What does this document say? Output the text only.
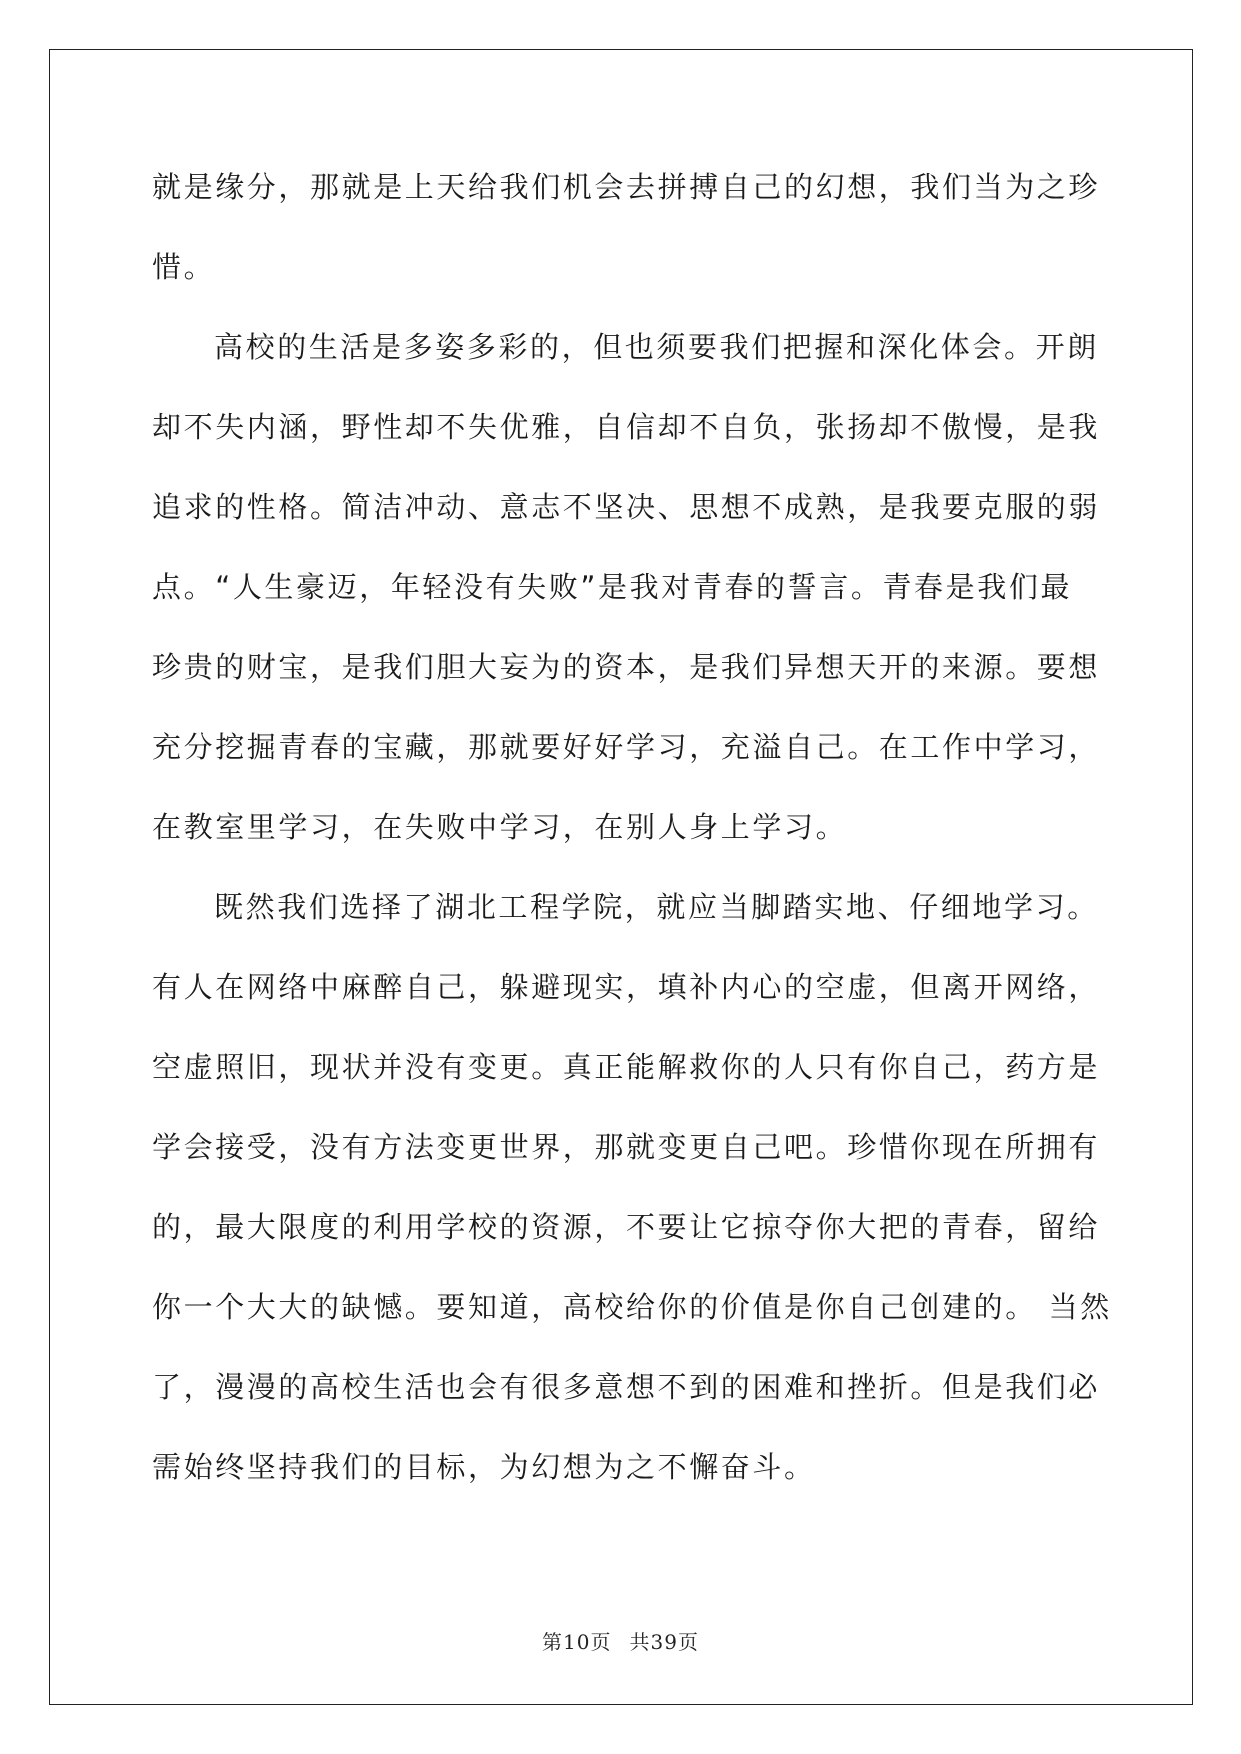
就是缘分，那就是上天给我们机会去拼搏自己的幻想，我们当为之珍
惜。
高校的生活是多姿多彩的，但也须要我们把握和深化体会。开朗
却不失内涵，野性却不失优雅，自信却不自负，张扬却不傲慢，是我
追求的性格。简洁冲动、意志不坚决、思想不成熟，是我要克服的弱
点。“人生豪迈，年轻没有失败”是我对青春的誓言。青春是我们最
珍贵的财宝，是我们胆大妄为的资本，是我们异想天开的来源。要想
充分挖掘青春的宝藏，那就要好好学习，充溢自己。在工作中学习，
在教室里学习，在失败中学习，在别人身上学习。
既然我们选择了湖北工程学院，就应当脚踏实地、仔细地学习。
有人在网络中麻醉自己，躲避现实，填补内心的空虚，但离开网络，
空虚照旧，现状并没有变更。真正能解救你的人只有你自己，药方是
学会接受，没有方法变更世界，那就变更自己吧。珍惜你现在所拥有
的，最大限度的利用学校的资源，不要让它掠夺你大把的青春，留给
你一个大大的缺憾。要知道，高校给你的价值是你自己创建的。 当然
了，漫漫的高校生活也会有很多意想不到的困难和挫折。但是我们必
需始终坚持我们的目标，为幻想为之不懈奋斗。
第10页 共39页
